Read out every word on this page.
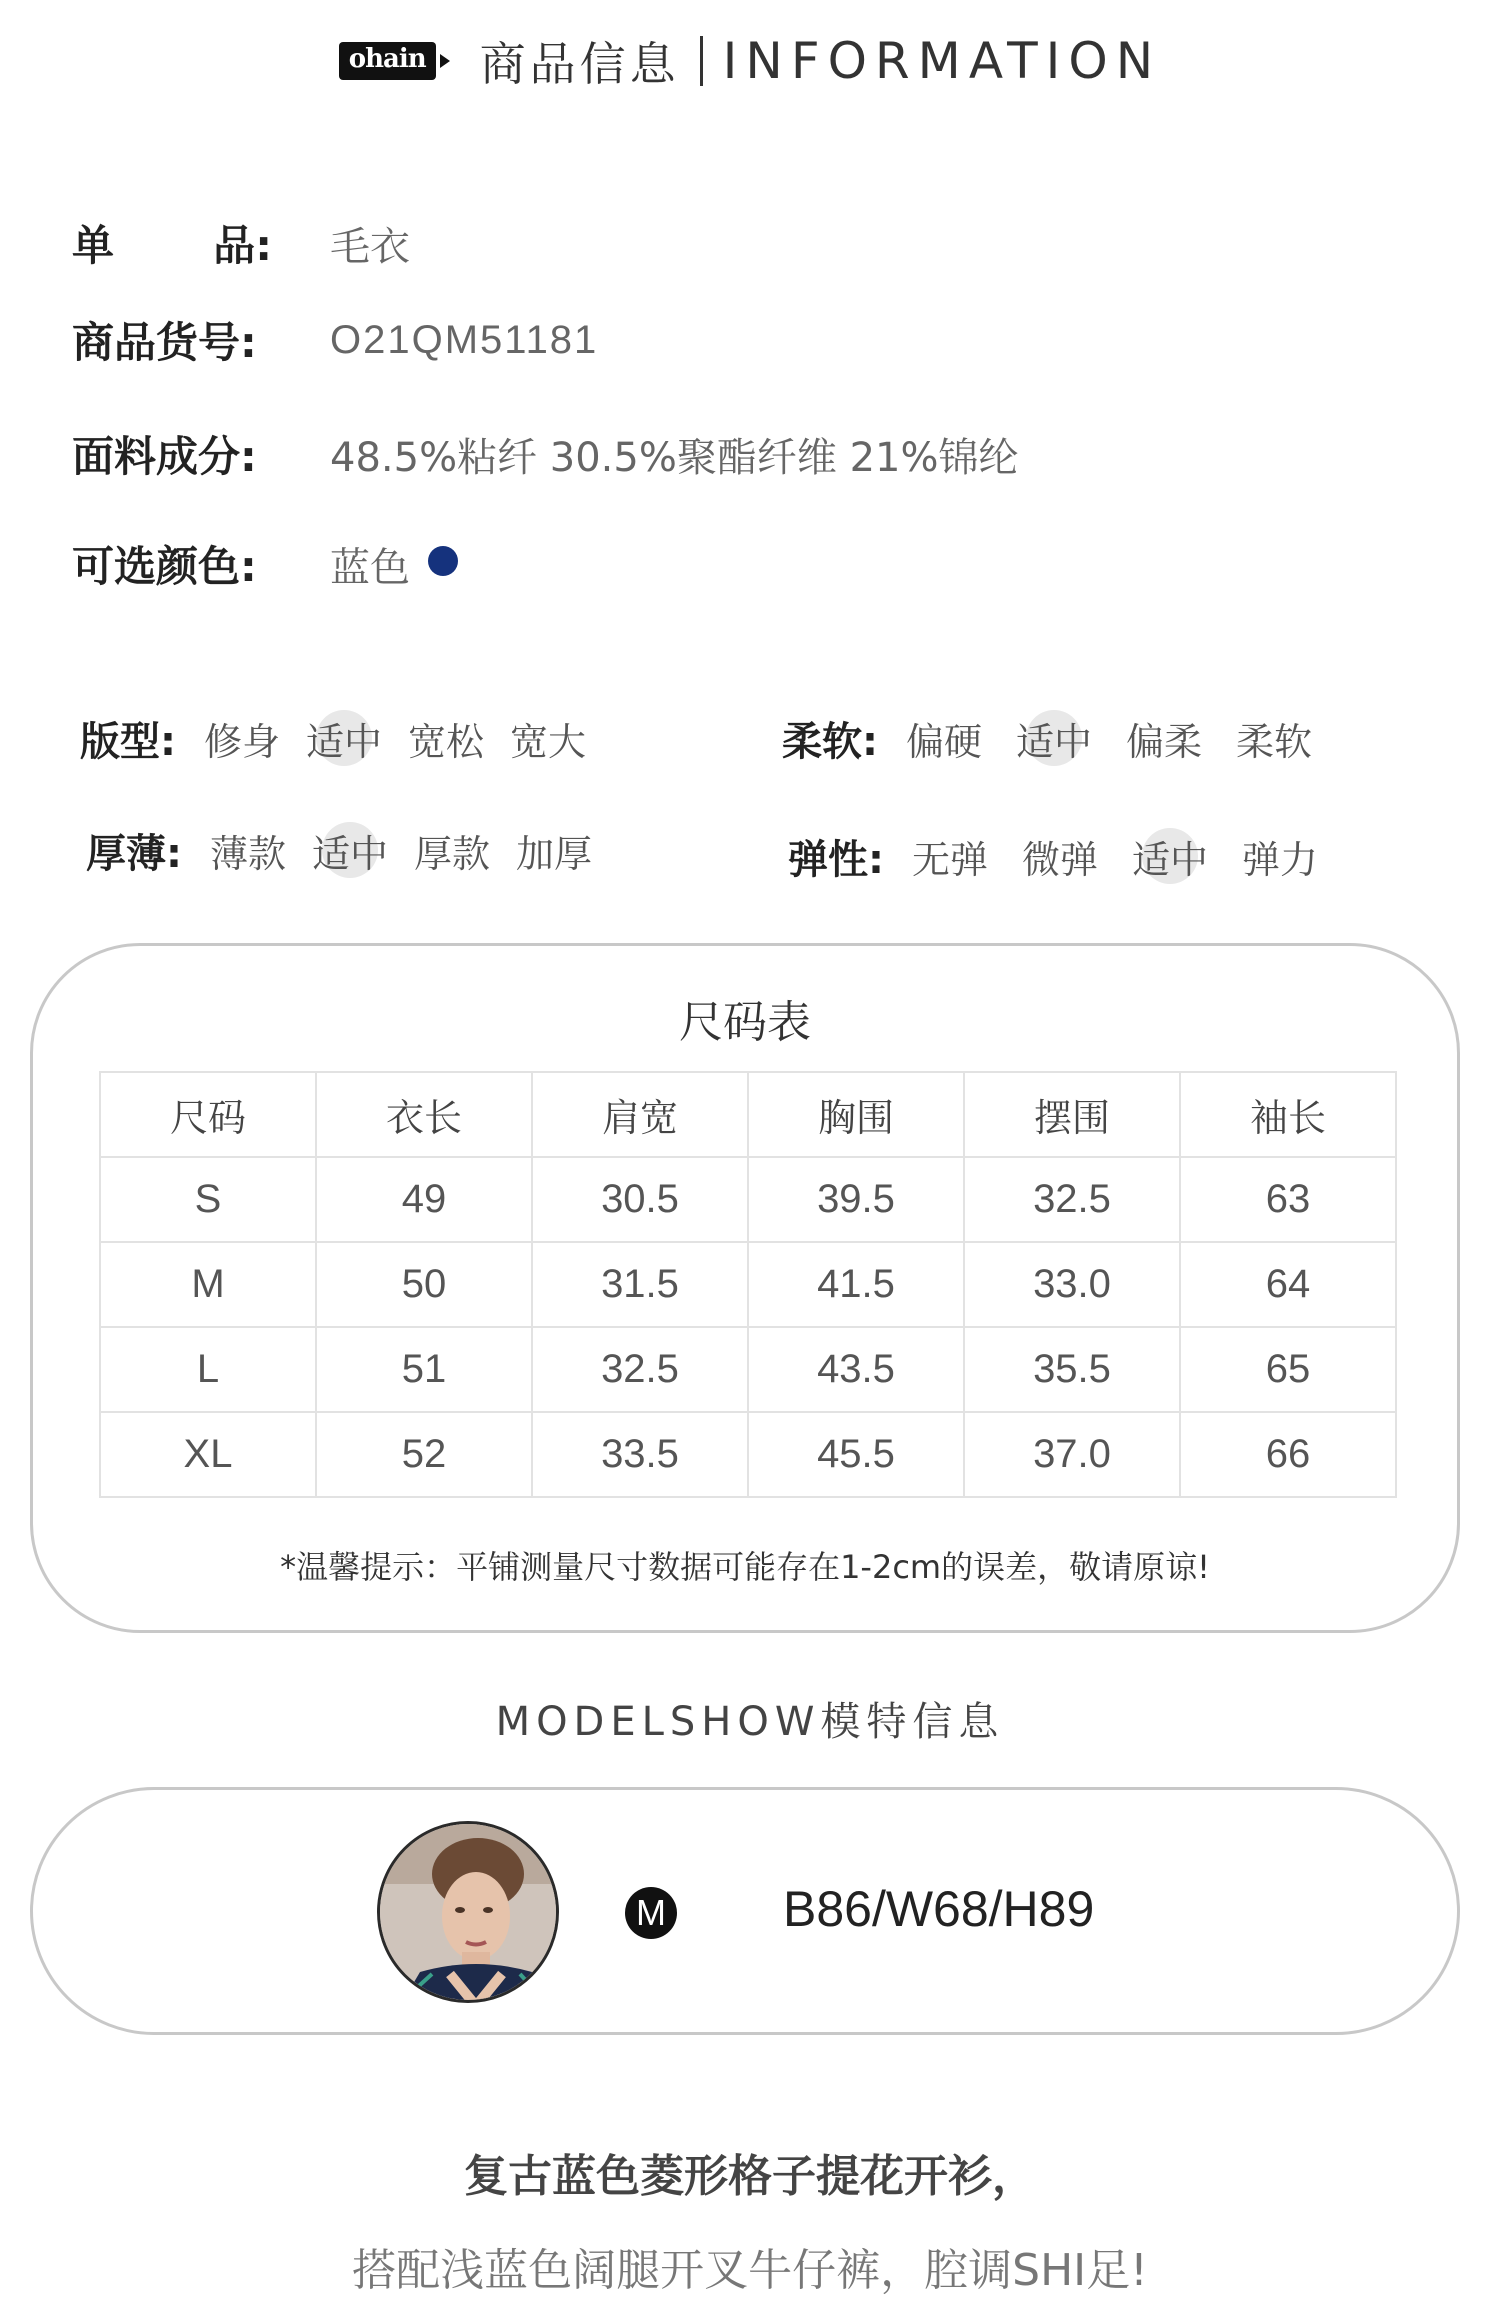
ohain 商品信息 INFORMATION
单 品: 毛衣
商品货号:	O21QM51181
面料成分:	48.5%粘纤 30.5%聚酯纤维 21%锦纶
可选颜色:	蓝色
版型: 修身 适中 宽松 宽大	柔软: 偏硬 适中 偏柔 柔软
厚薄: 薄款 适中 厚款 加厚	弹性: 无弹 微弹 适中 弹力
尺码表
尺码	衣长	肩宽	胸围	摆围	袖长
S	49	30.5	39.5	32.5	63
M	50	31.5	41.5	33.0	64
L	51	32.5	43.5	35.5	65
XL	52	33.5	45.5	37.0	66
*温馨提示：平铺测量尺寸数据可能存在1-2cm的误差，敬请原谅!
MODELSHOW模特信息
M B86/W68/H89
复古蓝色菱形格子提花开衫，
搭配浅蓝色阔腿开叉牛仔裤，腔调SHI足!
